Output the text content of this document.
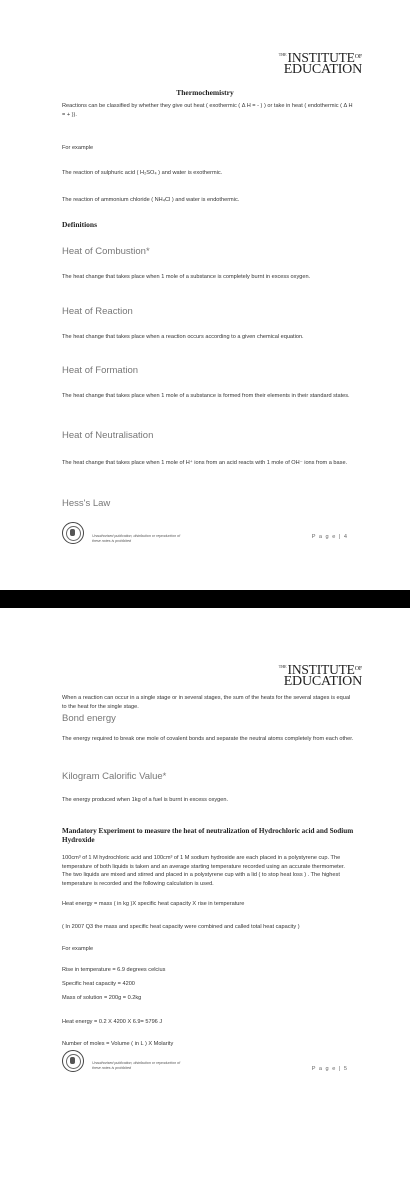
$^{THE}INSTITUTE^{OF}$
EDUCATION
Thermochemistry
Reactions can be classified by whether they give out heat ( exothermic ( Δ H = - ) ) or take in heat ( endothermic ( Δ H = + )).
For example
The reaction of sulphuric acid ( H₂SO₄ ) and water is exothermic.
The reaction of ammonium chloride ( NH₄Cl ) and water is endothermic.
Definitions
Heat of Combustion*
The heat change that takes place when 1 mole of a substance is completely burnt in excess oxygen.
Heat of Reaction
The heat change that takes place when a reaction occurs according to a given chemical equation.
Heat of Formation
The heat change that takes place when 1 mole of a substance is formed from their elements in their standard states.
Heat of Neutralisation
The heat change that takes place when 1 mole of H⁺ ions from an acid reacts with 1 mole of OH⁻ ions from a base.
Hess's Law
Unauthorised publication, distribution or reproduction of these notes is prohibited
P a g e | 4
$^{THE}INSTITUTE^{OF}$
EDUCATION
When a reaction can occur in a single stage or in several stages, the sum of the heats for the several stages is equal to the heat for the single stage.
Bond energy
The energy required to break one mole of covalent bonds and separate the neutral atoms completely from each other.
Kilogram Calorific Value*
The energy produced when 1kg of a fuel is burnt in excess oxygen.
Mandatory Experiment to measure the heat of neutralization of Hydrochloric acid and Sodium Hydroxide
100cm³ of 1 M hydrochloric acid and 100cm³ of 1 M sodium hydroxide are each placed in a polystyrene cup. The temperature of both liquids is taken and an average starting temperature recorded using an accurate thermometer. The two liquids are mixed and stirred and placed in a polystyrene cup with a lid ( to stop heat loss ) . The highest temperature is recorded and the following calculation is used.
Heat energy = mass ( in kg )X specific heat capacity X rise in temperature
( In 2007 Q3 the mass and specific heat capacity were combined and called total heat capacity )
For example
Rise in temperature = 6.9 degrees celcius
Specific heat capacity = 4200
Mass of solution = 200g = 0.2kg
Heat energy = 0.2 X 4200 X 6.9= 5796 J
Number of moles = Volume ( in L ) X Molarity
Unauthorised publication, distribution or reproduction of these notes is prohibited	P a g e | 5
